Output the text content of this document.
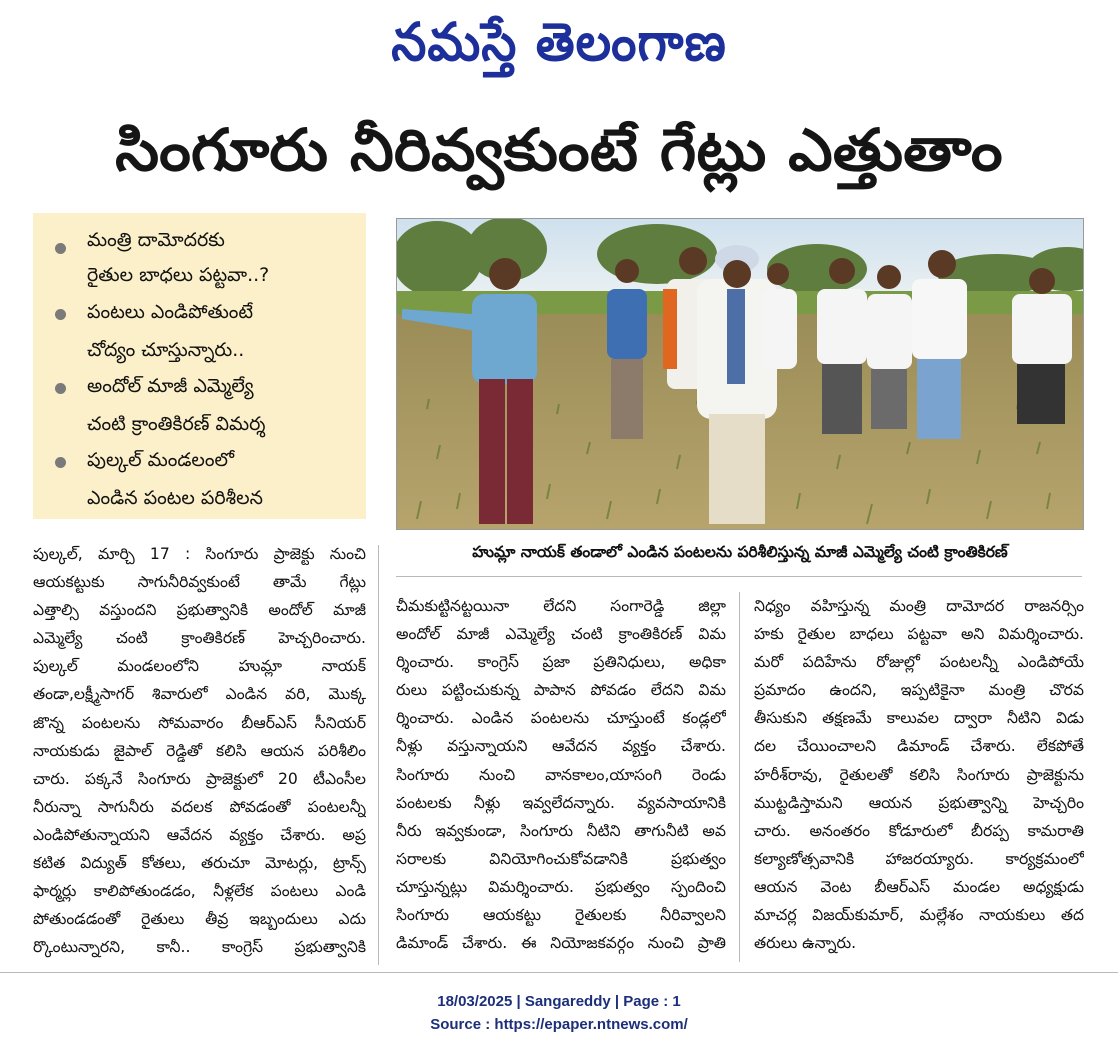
నమస్తే తెలంగాణ
సింగూరు నీరివ్వకుంటే గేట్లు ఎత్తుతాం
మంత్రి దామోదరకు
రైతుల బాధలు పట్టవా..?
పంటలు ఎండిపోతుంటే
చోద్యం చూస్తున్నారు..
అందోల్ మాజీ ఎమ్మెల్యే
చంటి క్రాంతికిరణ్ విమర్శ
పుల్కల్ మండలంలో
ఎండిన పంటల పరిశీలన
హుమ్లా నాయక్ తండాలో ఎండిన పంటలను పరిశీలిస్తున్న మాజీ ఎమ్మెల్యే చంటి క్రాంతికిరణ్
పుల్కల్, మార్చి 17 : సింగూరు ప్రాజెక్టు నుంచి
ఆయకట్టుకు సాగునీరివ్వకుంటే తామే గేట్లు
ఎత్తాల్సి వస్తుందని ప్రభుత్వానికి అందోల్ మాజీ
ఎమ్మెల్యే చంటి క్రాంతికిరణ్ హెచ్చరించారు.
పుల్కల్ మండలంలోని హుమ్లా నాయక్
తండా,లక్ష్మీసాగర్ శివారులో ఎండిన వరి, మొక్క
జొన్న పంటలను సోమవారం బీఆర్ఎస్ సీనియర్
నాయకుడు జైపాల్ రెడ్డితో కలిసి ఆయన పరిశీలిం
చారు. పక్కనే సింగూరు ప్రాజెక్టులో 20 టీఎంసీల
నీరున్నా సాగునీరు వదలక పోవడంతో పంటలన్నీ
ఎండిపోతున్నాయని ఆవేదన వ్యక్తం చేశారు. అప్ర
కటిత విద్యుత్ కోతలు, తరుచూ మోటర్లు, ట్రాన్స్
ఫార్మర్లు కాలిపోతుండడం, నీళ్లలేక పంటలు ఎండి
పోతుండడంతో రైతులు తీవ్ర ఇబ్బందులు ఎదు
ర్కొంటున్నారని, కానీ.. కాంగ్రెస్ ప్రభుత్వానికి
చీమకుట్టినట్టయినా లేదని సంగారెడ్డి జిల్లా
అందోల్ మాజీ ఎమ్మెల్యే చంటి క్రాంతికిరణ్ విమ
ర్శించారు. కాంగ్రెస్ ప్రజా ప్రతినిధులు, అధికా
రులు పట్టించుకున్న పాపాన పోవడం లేదని విమ
ర్శించారు. ఎండిన పంటలను చూస్తుంటే కండ్లలో
నీళ్లు వస్తున్నాయని ఆవేదన వ్యక్తం చేశారు.
సింగూరు నుంచి వానకాలం,యాసంగి రెండు
పంటలకు నీళ్లు ఇవ్వలేదన్నారు. వ్యవసాయానికి
నీరు ఇవ్వకుండా, సింగూరు నీటిని తాగునీటి అవ
సరాలకు వినియోగించుకోవడానికి ప్రభుత్వం
చూస్తున్నట్లు విమర్శించారు. ప్రభుత్వం స్పందించి
సింగూరు ఆయకట్టు రైతులకు నీరివ్వాలని
డిమాండ్ చేశారు. ఈ నియోజకవర్గం నుంచి ప్రాతి
నిధ్యం వహిస్తున్న మంత్రి దామోదర రాజనర్సిం
హకు రైతుల బాధలు పట్టవా అని విమర్శించారు.
మరో పదిహేను రోజుల్లో పంటలన్నీ ఎండిపోయే
ప్రమాదం ఉందని, ఇప్పటికైనా మంత్రి చొరవ
తీసుకుని తక్షణమే కాలువల ద్వారా నీటిని విడు
దల చేయించాలని డిమాండ్ చేశారు. లేకపోతే
హరీశ్‌రావు, రైతులతో కలిసి సింగూరు ప్రాజెక్టును
ముట్టడిస్తామని ఆయన ప్రభుత్వాన్ని హెచ్చరిం
చారు. అనంతరం కోడూరులో బీరప్ప కామరాతి
కల్యాణోత్సవానికి హాజరయ్యారు. కార్యక్రమంలో
ఆయన వెంట బీఆర్ఎస్ మండల అధ్యక్షుడు
మాచర్ల విజయ్‌కుమార్, మల్లేశం నాయకులు తద
తరులు ఉన్నారు.
18/03/2025 | Sangareddy | Page : 1
Source : https://epaper.ntnews.com/
